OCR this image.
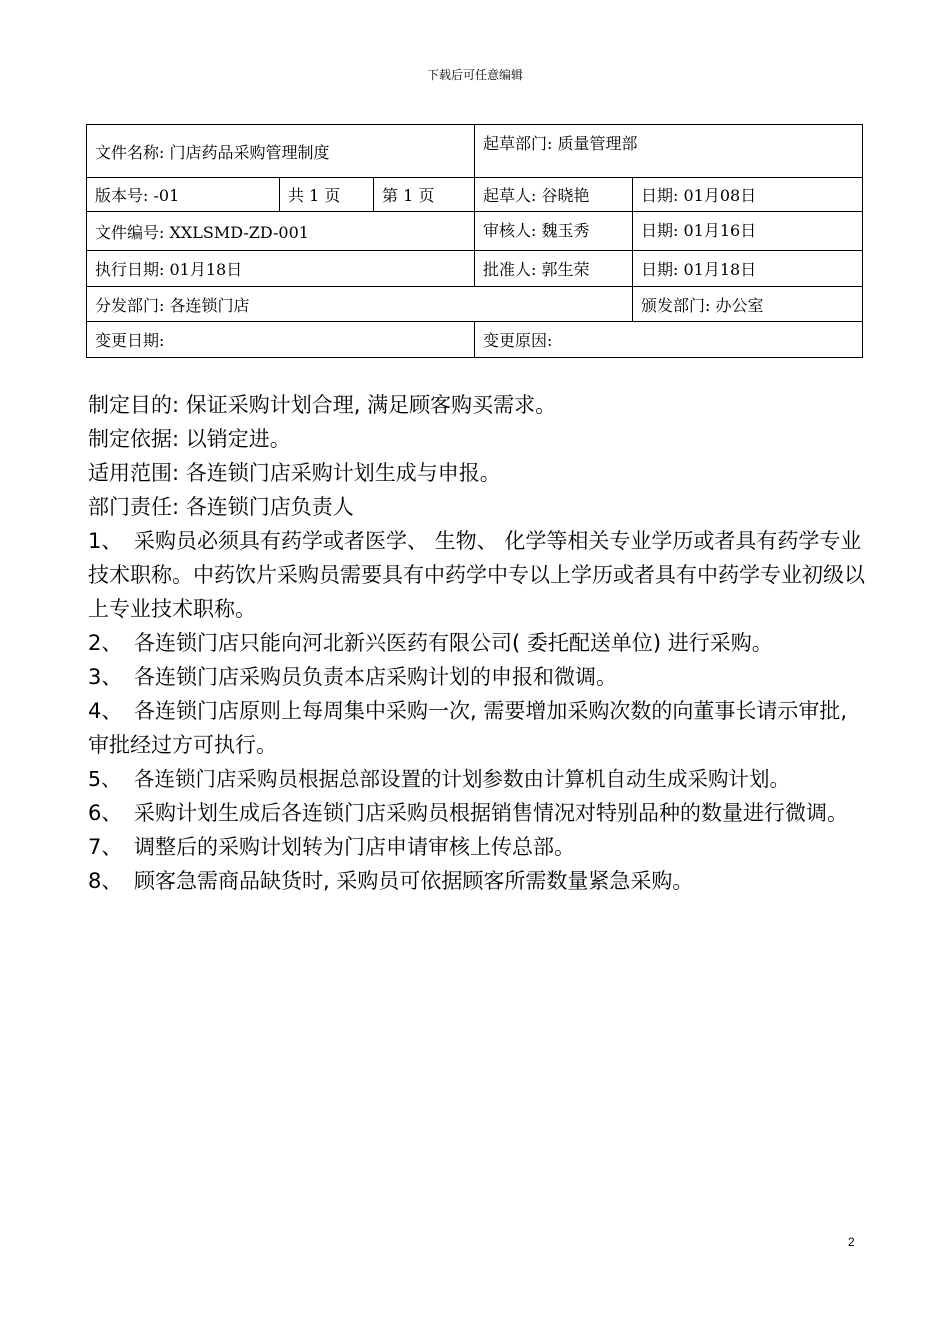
下载后可任意编辑
文件名称: 门店药品采购管理制度			起草部门: 质量管理部	
版本号: -01	共 1 页	第 1 页	起草人: 谷晓艳	日期: 01月08日
文件编号: XXLSMD-ZD-001			审核人: 魏玉秀	日期: 01月16日
执行日期: 01月18日			批准人: 郭生荣	日期: 01月18日
分发部门: 各连锁门店				颁发部门: 办公室
变更日期:			变更原因:	

制定目的: 保证采购计划合理, 满足顾客购买需求。

制定依据: 以销定进。

适用范围: 各连锁门店采购计划生成与申报。

部门责任: 各连锁门店负责人

1、 采购员必须具有药学或者医学、 生物、 化学等相关专业学历或者具有药学专业技术职称。中药饮片采购员需要具有中药学中专以上学历或者具有中药学专业初级以上专业技术职称。

2、 各连锁门店只能向河北新兴医药有限公司( 委托配送单位) 进行采购。

3、 各连锁门店采购员负责本店采购计划的申报和微调。

4、 各连锁门店原则上每周集中采购一次, 需要增加采购次数的向董事长请示审批, 审批经过方可执行。

5、 各连锁门店采购员根据总部设置的计划参数由计算机自动生成采购计划。

6、 采购计划生成后各连锁门店采购员根据销售情况对特别品种的数量进行微调。

7、 调整后的采购计划转为门店申请审核上传总部。

8、 顾客急需商品缺货时, 采购员可依据顾客所需数量紧急采购。

2
